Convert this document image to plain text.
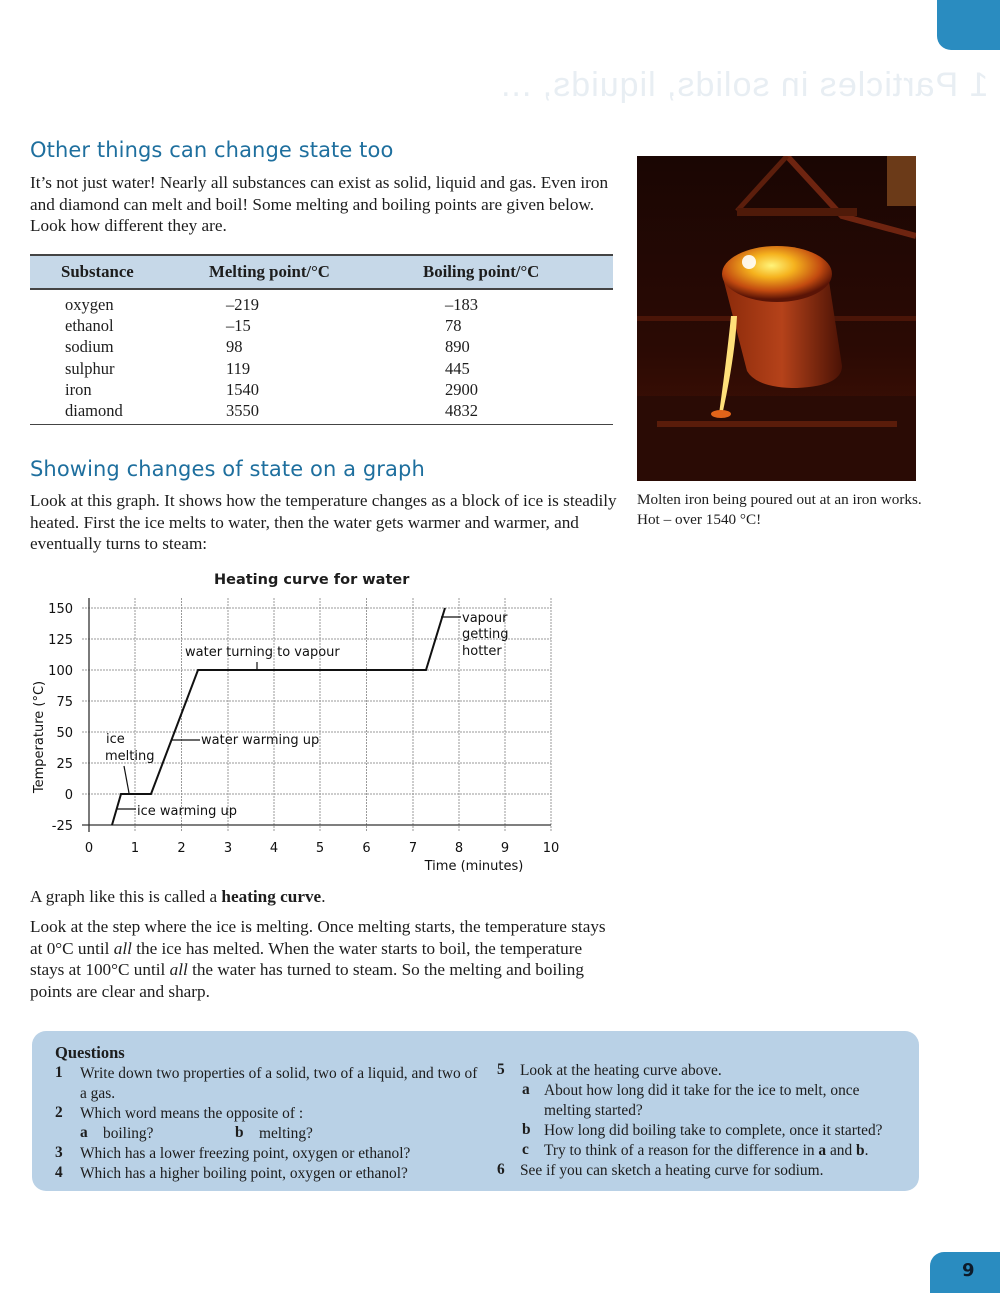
1 Particles in solids, liquids, ...
Other things can change state too

It’s not just water! Nearly all substances can exist as solid, liquid and gas. Even iron and diamond can melt and boil! Some melting and boiling points are given below. Look how different they are.

Substance	Melting point/°C	Boiling point/°C
oxygen	–219	–183
ethanol	–15	78
sodium	98	890
sulphur	119	445
iron	1540	2900
diamond	3550	4832

Molten iron being poured out at an iron works. Hot – over 1540 °C!

Showing changes of state on a graph

Look at this graph. It shows how the temperature changes as a block of ice is steadily heated. First the ice melts to water, then the water gets warmer and warmer, and eventually turns to steam:

Heating curve for water
150
125
100
75
50
25
0
-25
0	1	2	3	4	5	6	7	8	9	10
Time (minutes)
Temperature (°C)
ice warming up
ice
melting
water warming up
water turning to vapour
vapour
getting
hotter

A graph like this is called a heating curve.

Look at the step where the ice is melting. Once melting starts, the temperature stays at 0°C until all the ice has melted. When the water starts to boil, the temperature stays at 100°C until all the water has turned to steam. So the melting and boiling points are clear and sharp.

Questions
1 Write down two properties of a solid, two of a liquid, and two of a gas.

2 Which word means the opposite of :

a boiling?	b melting?

3 Which has a lower freezing point, oxygen or ethanol?

4 Which has a higher boiling point, oxygen or ethanol?

5 Look at the heating curve above.

a About how long did it take for the ice to melt, once melting started?

b How long did boiling take to complete, once it started?

c Try to think of a reason for the difference in a and b.

6 See if you can sketch a heating curve for sodium.

9
